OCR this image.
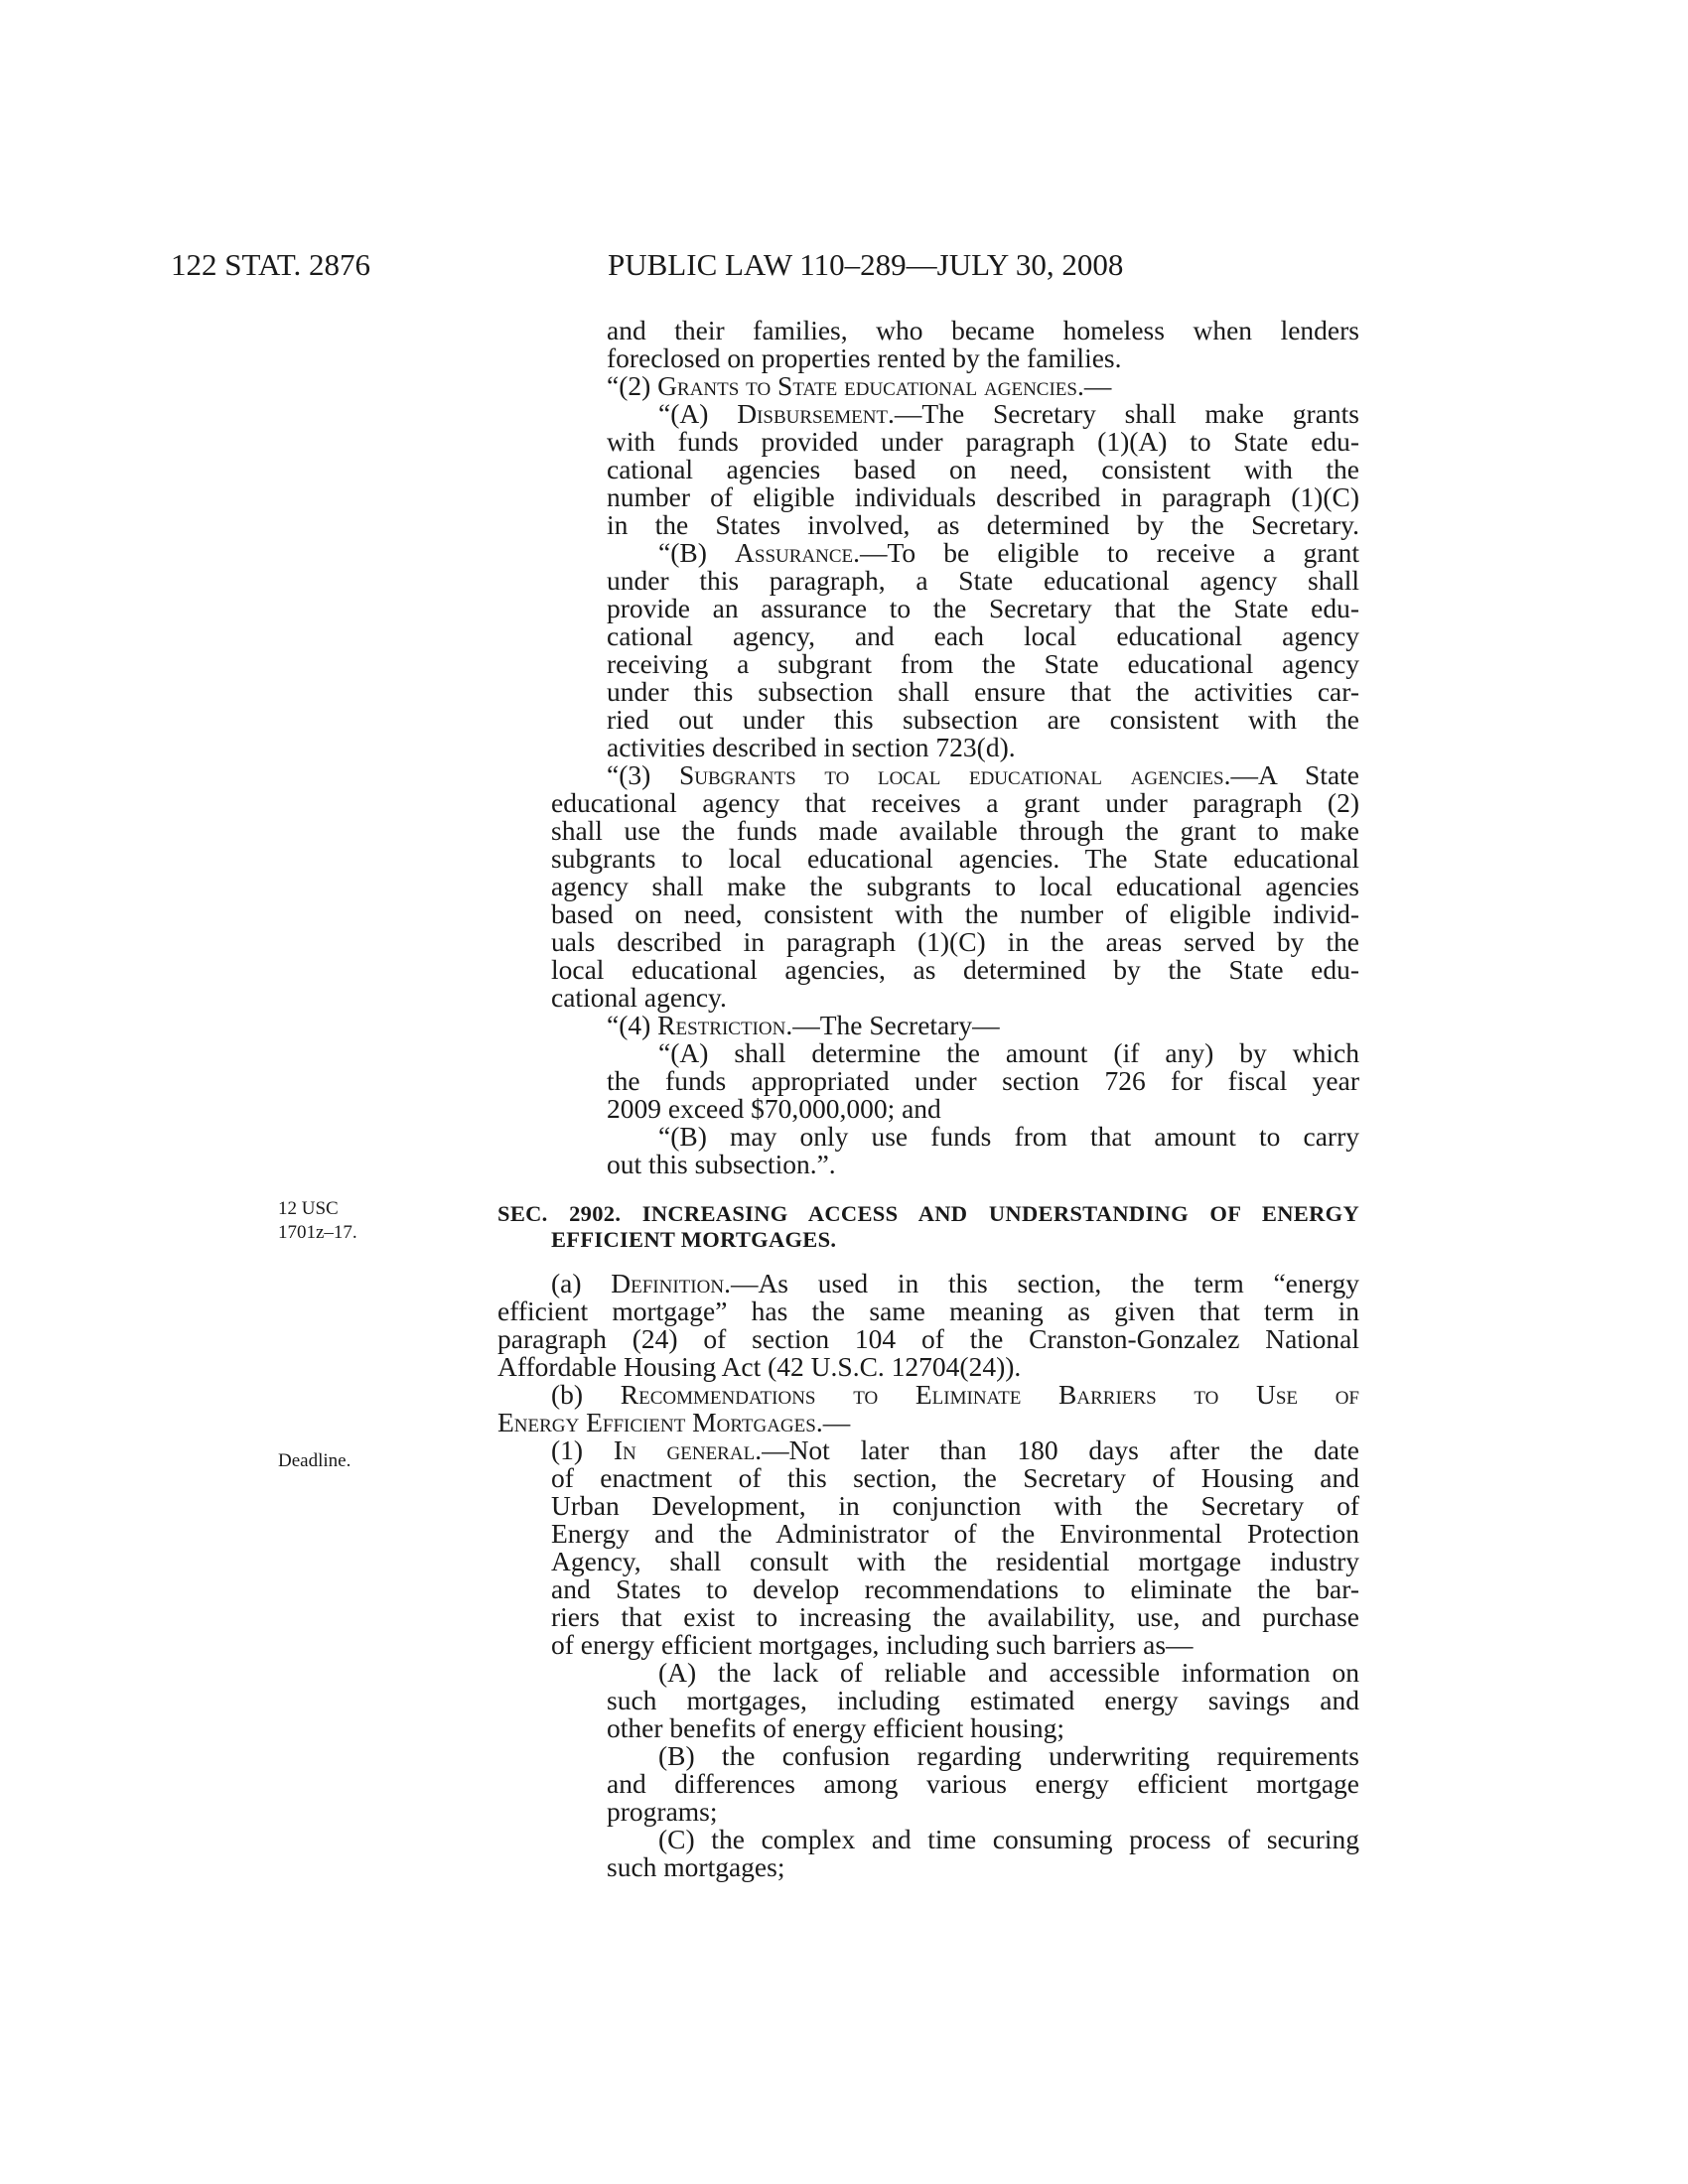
122 STAT. 2876	PUBLIC LAW 110–289—JULY 30, 2008
12 USC
1701z–17.
Deadline.
and their families, who became homeless when lenders
foreclosed on properties rented by the families.
“(2) Grants to State educational agencies.—
“(A) Disbursement.—The Secretary shall make grants
with funds provided under paragraph (1)(A) to State edu-
cational agencies based on need, consistent with the
number of eligible individuals described in paragraph (1)(C)
in the States involved, as determined by the Secretary.
“(B) Assurance.—To be eligible to receive a grant
under this paragraph, a State educational agency shall
provide an assurance to the Secretary that the State edu-
cational agency, and each local educational agency
receiving a subgrant from the State educational agency
under this subsection shall ensure that the activities car-
ried out under this subsection are consistent with the
activities described in section 723(d).
“(3) Subgrants to local educational agencies.—A State
educational agency that receives a grant under paragraph (2)
shall use the funds made available through the grant to make
subgrants to local educational agencies. The State educational
agency shall make the subgrants to local educational agencies
based on need, consistent with the number of eligible individ-
uals described in paragraph (1)(C) in the areas served by the
local educational agencies, as determined by the State edu-
cational agency.
“(4) Restriction.—The Secretary—
“(A) shall determine the amount (if any) by which
the funds appropriated under section 726 for fiscal year
2009 exceed $70,000,000; and
“(B) may only use funds from that amount to carry
out this subsection.”.
SEC. 2902. INCREASING ACCESS AND UNDERSTANDING OF ENERGY
EFFICIENT MORTGAGES.
(a) Definition.—As used in this section, the term “energy
efficient mortgage” has the same meaning as given that term in
paragraph (24) of section 104 of the Cranston-Gonzalez National
Affordable Housing Act (42 U.S.C. 12704(24)).
(b) Recommendations to Eliminate Barriers to Use of
Energy Efficient Mortgages.—
(1) In general.—Not later than 180 days after the date
of enactment of this section, the Secretary of Housing and
Urban Development, in conjunction with the Secretary of
Energy and the Administrator of the Environmental Protection
Agency, shall consult with the residential mortgage industry
and States to develop recommendations to eliminate the bar-
riers that exist to increasing the availability, use, and purchase
of energy efficient mortgages, including such barriers as—
(A) the lack of reliable and accessible information on
such mortgages, including estimated energy savings and
other benefits of energy efficient housing;
(B) the confusion regarding underwriting requirements
and differences among various energy efficient mortgage
programs;
(C) the complex and time consuming process of securing
such mortgages;
